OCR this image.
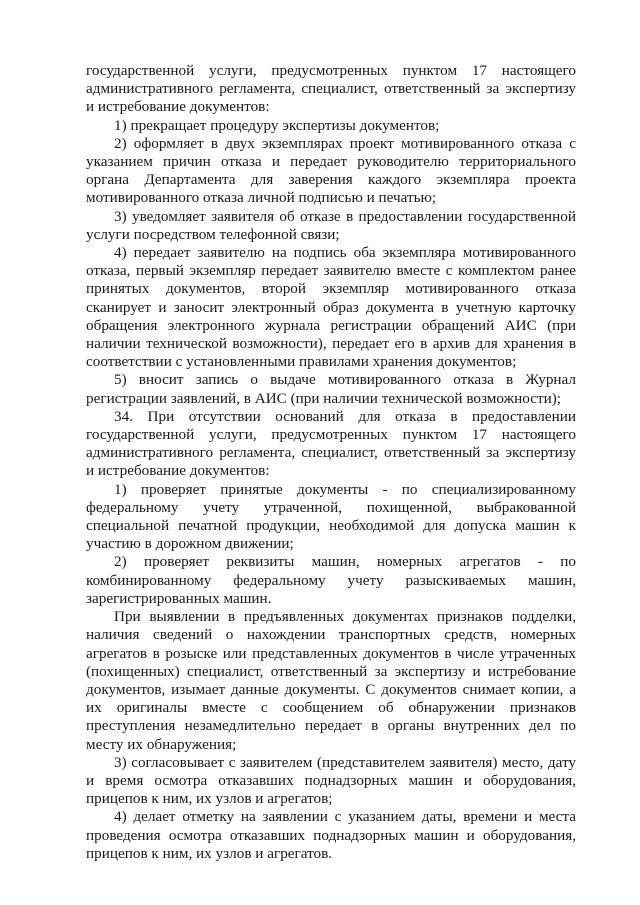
государственной услуги, предусмотренных пунктом 17 настоящего административного регламента, специалист, ответственный за экспертизу и истребование документов:

1) прекращает процедуру экспертизы документов;

2) оформляет в двух экземплярах проект мотивированного отказа с указанием причин отказа и передает руководителю территориального органа Департамента для заверения каждого экземпляра проекта мотивированного отказа личной подписью и печатью;

3) уведомляет заявителя об отказе в предоставлении государственной услуги посредством телефонной связи;

4) передает заявителю на подпись оба экземпляра мотивированного отказа, первый экземпляр передает заявителю вместе с комплектом ранее принятых документов, второй экземпляр мотивированного отказа сканирует и заносит электронный образ документа в учетную карточку обращения электронного журнала регистрации обращений АИС (при наличии технической возможности), передает его в архив для хранения в соответствии с установленными правилами хранения документов;

5) вносит запись о выдаче мотивированного отказа в Журнал регистрации заявлений, в АИС (при наличии технической возможности);

34. При отсутствии оснований для отказа в предоставлении государственной услуги, предусмотренных пунктом 17 настоящего административного регламента, специалист, ответственный за экспертизу и истребование документов:

1) проверяет принятые документы - по специализированному федеральному учету утраченной, похищенной, выбракованной специальной печатной продукции, необходимой для допуска машин к участию в дорожном движении;

2) проверяет реквизиты машин, номерных агрегатов - по комбинированному федеральному учету разыскиваемых машин, зарегистрированных машин.

При выявлении в предъявленных документах признаков подделки, наличия сведений о нахождении транспортных средств, номерных агрегатов в розыске или представленных документов в числе утраченных (похищенных) специалист, ответственный за экспертизу и истребование документов, изымает данные документы. С документов снимает копии, а их оригиналы вместе с сообщением об обнаружении признаков преступления незамедлительно передает в органы внутренних дел по месту их обнаружения;

3) согласовывает с заявителем (представителем заявителя) место, дату и время осмотра отказавших поднадзорных машин и оборудования, прицепов к ним, их узлов и агрегатов;

4) делает отметку на заявлении с указанием даты, времени и места проведения осмотра отказавших поднадзорных машин и оборудования, прицепов к ним, их узлов и агрегатов.
